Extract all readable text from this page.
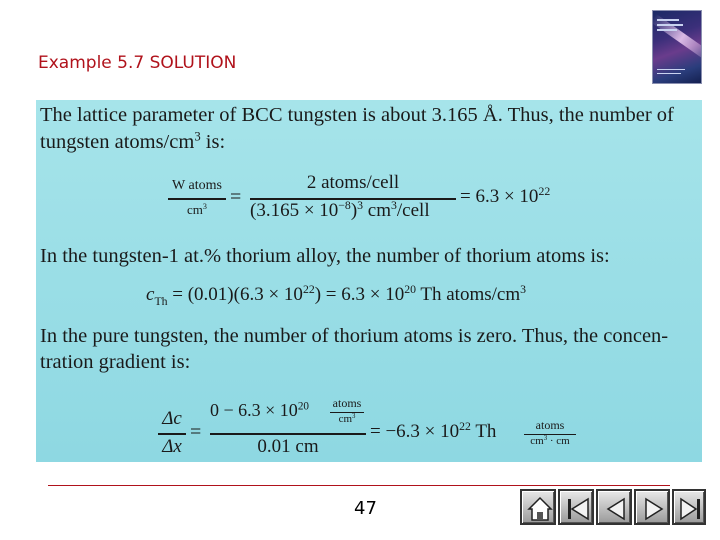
Example 5.7 SOLUTION
The lattice parameter of BCC tungsten is about 3.165 Å. Thus, the number of
tungsten atoms/$cm^3$ is:
W atoms
$cm^3$	=
2 atoms/cell
$(3.165 \times 10^{-8})^3$ $cm^3$/cell
= $6.3 \times 10^{22}$
In the tungsten-1 at.% thorium alloy, the number of thorium atoms is:
$c_{Th} = (0.01)(6.3 \times 10^{22}) = 6.3 \times 10^{20}$ Th atoms/$cm^3$
In the pure tungsten, the number of thorium atoms is zero. Thus, the concen-
tration gradient is:
Δc
Δx
=
$0 - 6.3 \times 10^{20}$ atoms
$cm^3$
0.01 cm
= $-6.3 \times 10^{22}$ Th	atoms
$cm^3$ · cm
47
